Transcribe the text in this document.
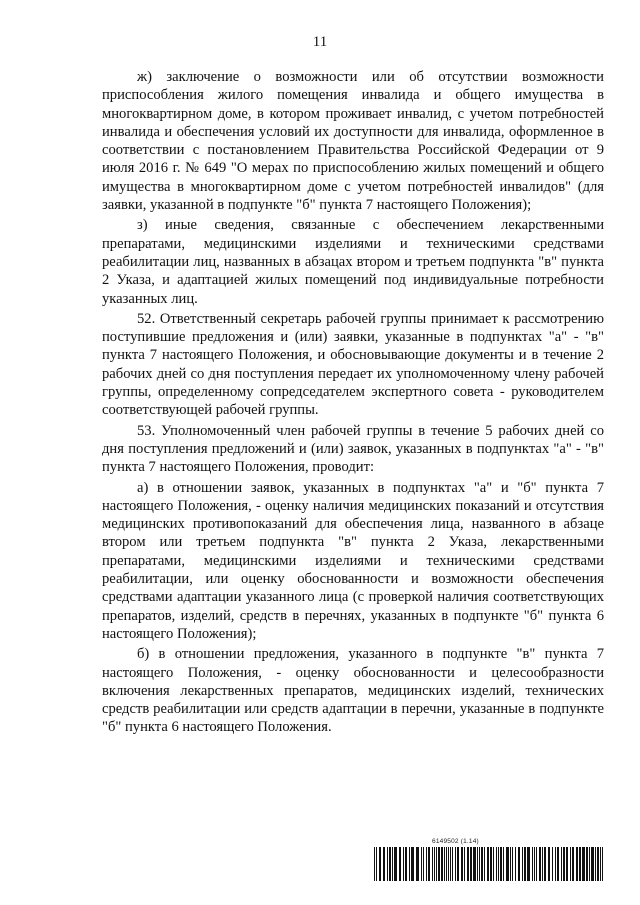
11

ж) заключение о возможности или об отсутствии возможности приспособления жилого помещения инвалида и общего имущества в многоквартирном доме, в котором проживает инвалид, с учетом потребностей инвалида и обеспечения условий их доступности для инвалида, оформленное в соответствии с постановлением Правительства Российской Федерации от 9 июля 2016 г. № 649 "О мерах по приспособлению жилых помещений и общего имущества в многоквартирном доме с учетом потребностей инвалидов" (для заявки, указанной в подпункте "б" пункта 7 настоящего Положения);

з) иные сведения, связанные с обеспечением лекарственными препаратами, медицинскими изделиями и техническими средствами реабилитации лиц, названных в абзацах втором и третьем подпункта "в" пункта 2 Указа, и адаптацией жилых помещений под индивидуальные потребности указанных лиц.

52. Ответственный секретарь рабочей группы принимает к рассмотрению поступившие предложения и (или) заявки, указанные в подпунктах "а" - "в" пункта 7 настоящего Положения, и обосновывающие документы и в течение 2 рабочих дней со дня поступления передает их уполномоченному члену рабочей группы, определенному сопредседателем экспертного совета - руководителем соответствующей рабочей группы.

53. Уполномоченный член рабочей группы в течение 5 рабочих дней со дня поступления предложений и (или) заявок, указанных в подпунктах "а" - "в" пункта 7 настоящего Положения, проводит:

а) в отношении заявок, указанных в подпунктах "а" и "б" пункта 7 настоящего Положения, - оценку наличия медицинских показаний и отсутствия медицинских противопоказаний для обеспечения лица, названного в абзаце втором или третьем подпункта "в" пункта 2 Указа, лекарственными препаратами, медицинскими изделиями и техническими средствами реабилитации, или оценку обоснованности и возможности обеспечения средствами адаптации указанного лица (с проверкой наличия соответствующих препаратов, изделий, средств в перечнях, указанных в подпункте "б" пункта 6 настоящего Положения);

б) в отношении предложения, указанного в подпункте "в" пункта 7 настоящего Положения, - оценку обоснованности и целесообразности включения лекарственных препаратов, медицинских изделий, технических средств реабилитации или средств адаптации в перечни, указанные в подпункте "б" пункта 6 настоящего Положения.

6149502 (1.14)
